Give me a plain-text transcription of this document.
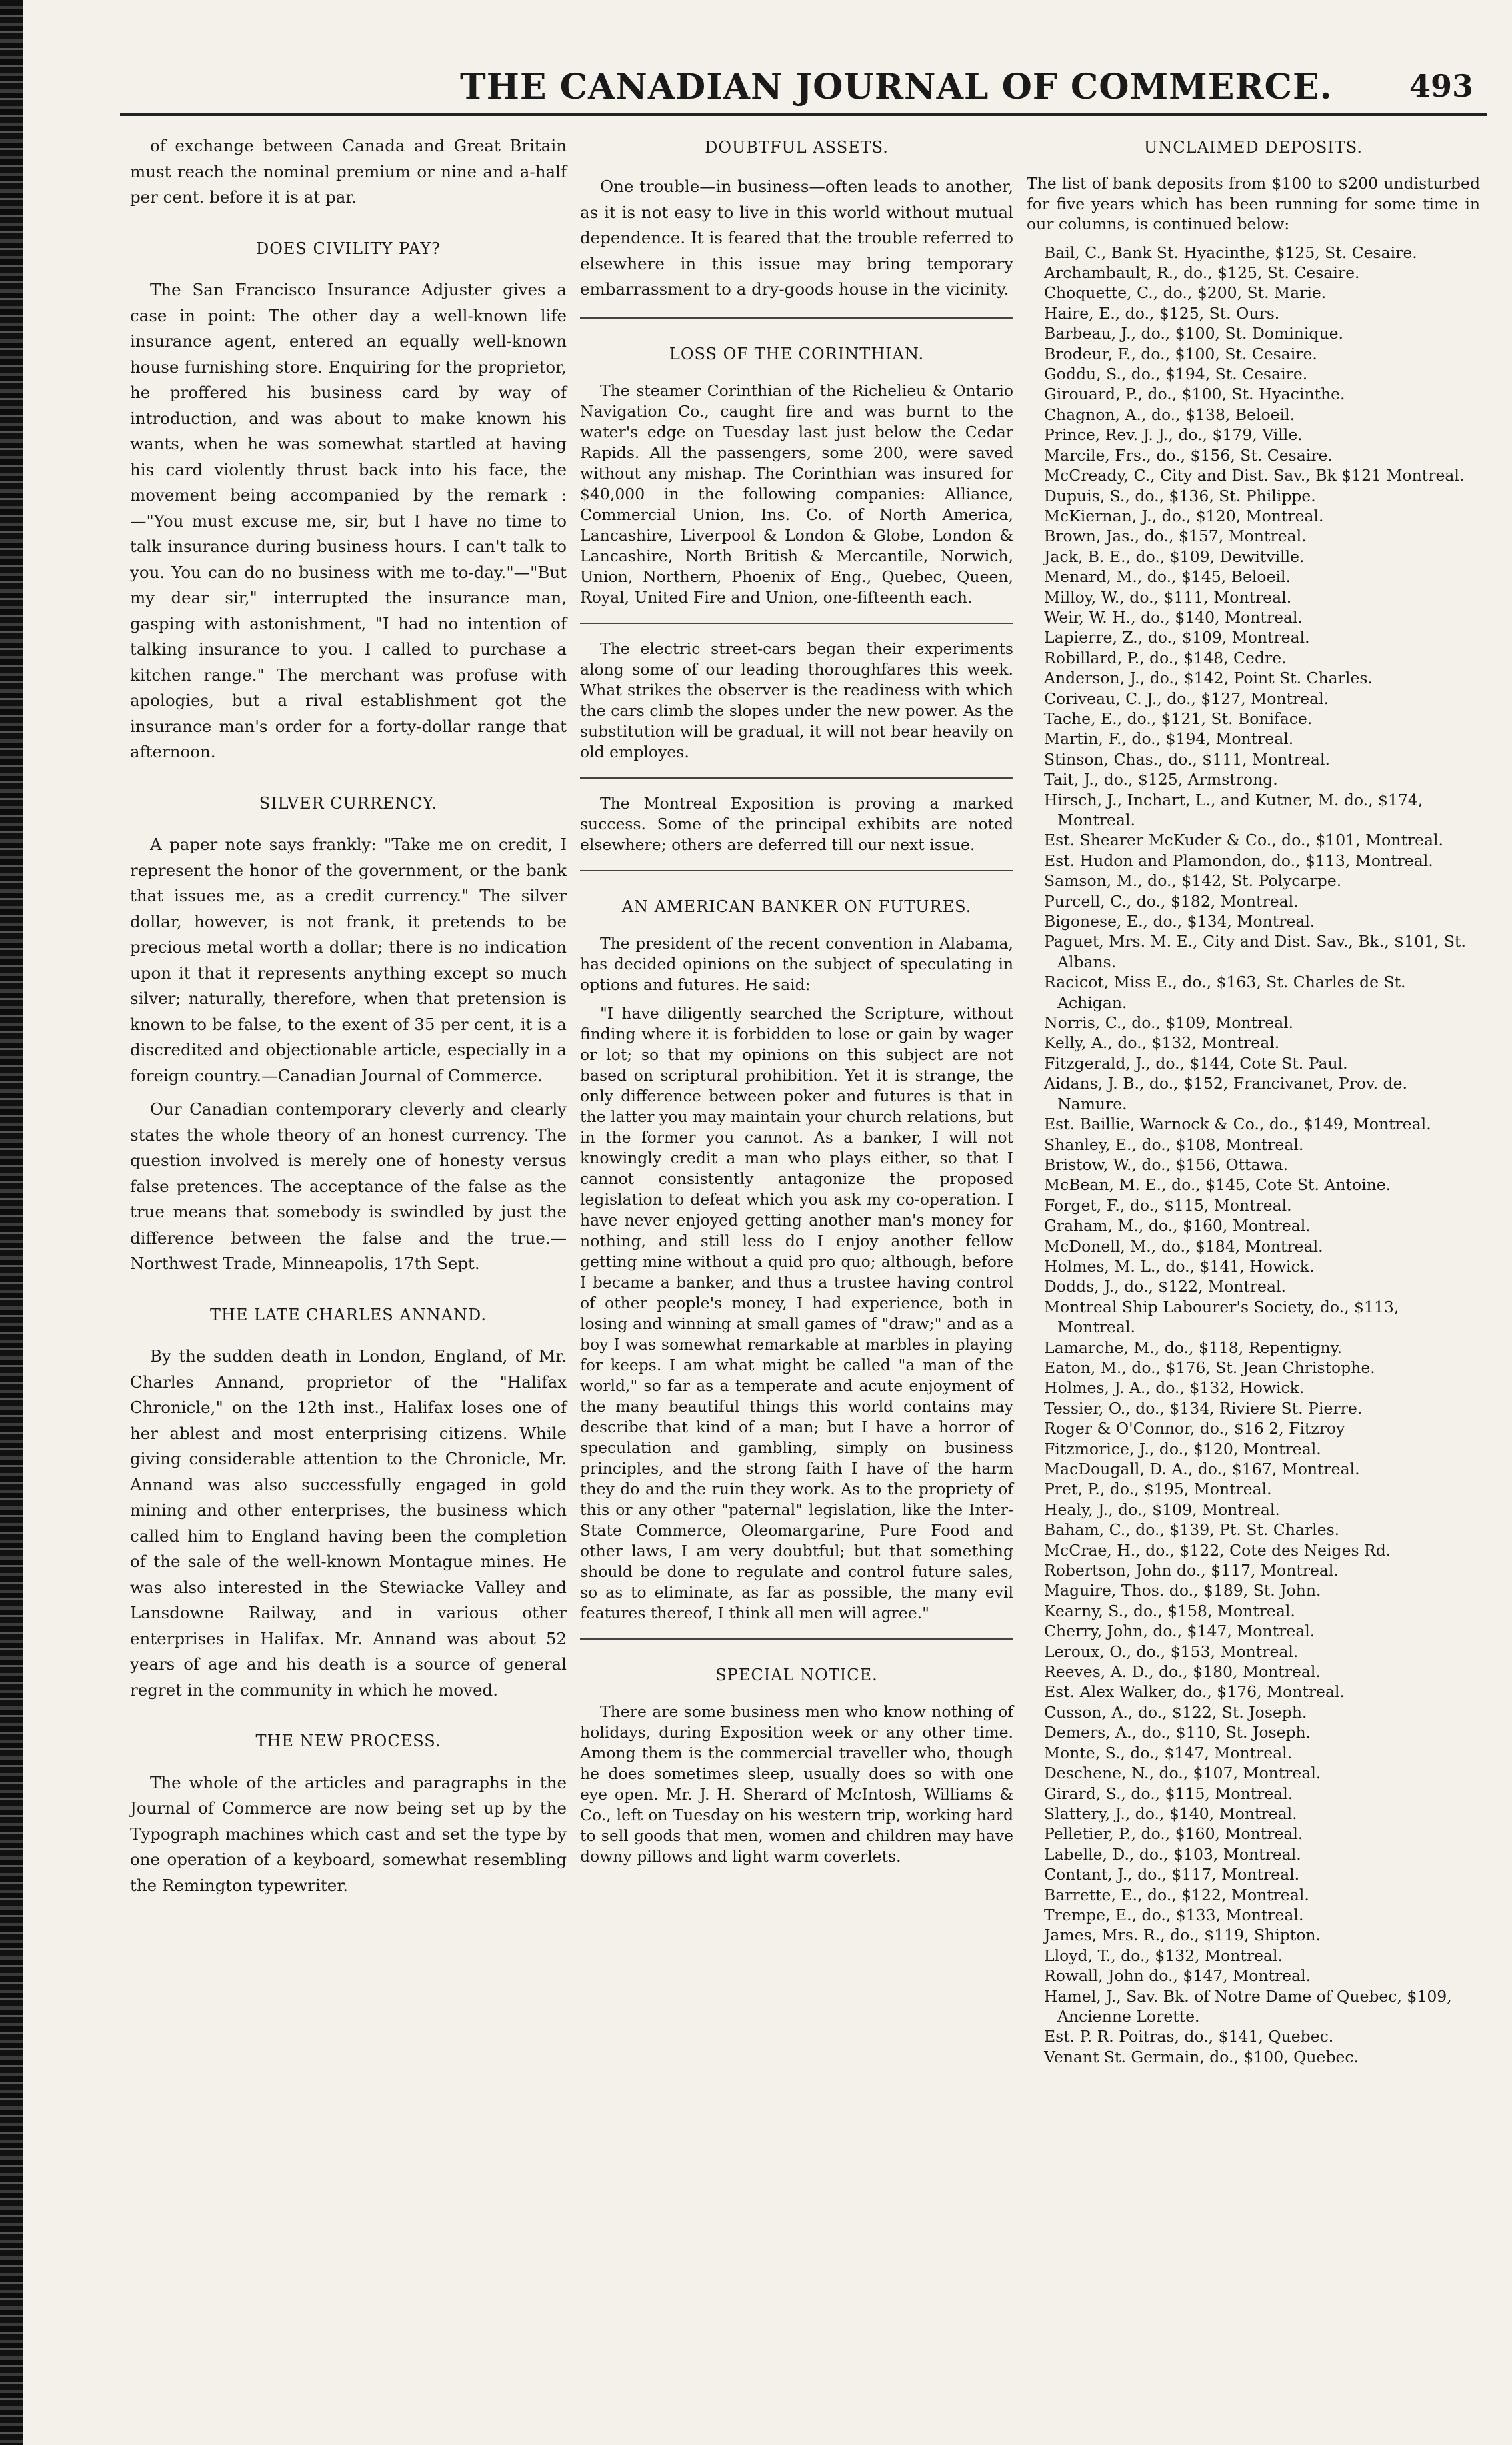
THE CANADIAN JOURNAL OF COMMERCE.	493

of exchange between Canada and Great Britain must reach the nominal premium or nine and a-half per cent. before it is at par.

DOES CIVILITY PAY?

The San Francisco Insurance Adjuster gives a case in point: The other day a well-known life insurance agent, entered an equally well-known house furnishing store. Enquiring for the proprietor, he proffered his business card by way of introduction, and was about to make known his wants, when he was somewhat startled at having his card violently thrust back into his face, the movement being accompanied by the remark :—"You must excuse me, sir, but I have no time to talk insurance during business hours. I can't talk to you. You can do no business with me to-day."—"But my dear sir," interrupted the insurance man, gasping with astonishment, "I had no intention of talking insurance to you. I called to purchase a kitchen range." The merchant was profuse with apologies, but a rival establishment got the insurance man's order for a forty-dollar range that afternoon.

SILVER CURRENCY.

A paper note says frankly: "Take me on credit, I represent the honor of the government, or the bank that issues me, as a credit currency." The silver dollar, however, is not frank, it pretends to be precious metal worth a dollar; there is no indication upon it that it represents anything except so much silver; naturally, therefore, when that pretension is known to be false, to the exent of 35 per cent, it is a discredited and objectionable article, especially in a foreign country.—Canadian Journal of Commerce.

Our Canadian contemporary cleverly and clearly states the whole theory of an honest currency. The question involved is merely one of honesty versus false pretences. The acceptance of the false as the true means that somebody is swindled by just the difference between the false and the true.—Northwest Trade, Minneapolis, 17th Sept.

THE LATE CHARLES ANNAND.

By the sudden death in London, England, of Mr. Charles Annand, proprietor of the "Halifax Chronicle," on the 12th inst., Halifax loses one of her ablest and most enterprising citizens. While giving considerable attention to the Chronicle, Mr. Annand was also successfully engaged in gold mining and other enterprises, the business which called him to England having been the completion of the sale of the well-known Montague mines. He was also interested in the Stewiacke Valley and Lansdowne Railway, and in various other enterprises in Halifax. Mr. Annand was about 52 years of age and his death is a source of general regret in the community in which he moved.

THE NEW PROCESS.

The whole of the articles and paragraphs in the Journal of Commerce are now being set up by the Typograph machines which cast and set the type by one operation of a keyboard, somewhat resembling the Remington typewriter.

DOUBTFUL ASSETS.

One trouble—in business—often leads to another, as it is not easy to live in this world without mutual dependence. It is feared that the trouble referred to elsewhere in this issue may bring temporary embarrassment to a dry-goods house in the vicinity.

LOSS OF THE CORINTHIAN.

The steamer Corinthian of the Richelieu & Ontario Navigation Co., caught fire and was burnt to the water's edge on Tuesday last just below the Cedar Rapids. All the passengers, some 200, were saved without any mishap. The Corinthian was insured for $40,000 in the following companies: Alliance, Commercial Union, Ins. Co. of North America, Lancashire, Liverpool & London & Globe, London & Lancashire, North British & Mercantile, Norwich, Union, Northern, Phoenix of Eng., Quebec, Queen, Royal, United Fire and Union, one-fifteenth each.

The electric street-cars began their experiments along some of our leading thoroughfares this week. What strikes the observer is the readiness with which the cars climb the slopes under the new power. As the substitution will be gradual, it will not bear heavily on old employes.

The Montreal Exposition is proving a marked success. Some of the principal exhibits are noted elsewhere; others are deferred till our next issue.

AN AMERICAN BANKER ON FUTURES.

The president of the recent convention in Alabama, has decided opinions on the subject of speculating in options and futures. He said:

"I have diligently searched the Scripture, without finding where it is forbidden to lose or gain by wager or lot; so that my opinions on this subject are not based on scriptural prohibition. Yet it is strange, the only difference between poker and futures is that in the latter you may maintain your church relations, but in the former you cannot. As a banker, I will not knowingly credit a man who plays either, so that I cannot consistently antagonize the proposed legislation to defeat which you ask my co-operation. I have never enjoyed getting another man's money for nothing, and still less do I enjoy another fellow getting mine without a quid pro quo; although, before I became a banker, and thus a trustee having control of other people's money, I had experience, both in losing and winning at small games of "draw;" and as a boy I was somewhat remarkable at marbles in playing for keeps. I am what might be called "a man of the world," so far as a temperate and acute enjoyment of the many beautiful things this world contains may describe that kind of a man; but I have a horror of speculation and gambling, simply on business principles, and the strong faith I have of the harm they do and the ruin they work. As to the propriety of this or any other "paternal" legislation, like the Inter-State Commerce, Oleomargarine, Pure Food and other laws, I am very doubtful; but that something should be done to regulate and control future sales, so as to eliminate, as far as possible, the many evil features thereof, I think all men will agree."

SPECIAL NOTICE.

There are some business men who know nothing of holidays, during Exposition week or any other time. Among them is the commercial traveller who, though he does sometimes sleep, usually does so with one eye open. Mr. J. H. Sherard of McIntosh, Williams & Co., left on Tuesday on his western trip, working hard to sell goods that men, women and children may have downy pillows and light warm coverlets.

UNCLAIMED DEPOSITS.

The list of bank deposits from $100 to $200 undisturbed for five years which has been running for some time in our columns, is continued below:

Bail, C., Bank St. Hyacinthe, $125, St. Cesaire.
Archambault, R., do., $125, St. Cesaire.
Choquette, C., do., $200, St. Marie.
Haire, E., do., $125, St. Ours.
Barbeau, J., do., $100, St. Dominique.
Brodeur, F., do., $100, St. Cesaire.
Goddu, S., do., $194, St. Cesaire.
Girouard, P., do., $100, St. Hyacinthe.
Chagnon, A., do., $138, Beloeil.
Prince, Rev. J. J., do., $179, Ville.
Marcile, Frs., do., $156, St. Cesaire.
McCready, C., City and Dist. Sav., Bk $121 Montreal.
Dupuis, S., do., $136, St. Philippe.
McKiernan, J., do., $120, Montreal.
Brown, Jas., do., $157, Montreal.
Jack, B. E., do., $109, Dewitville.
Menard, M., do., $145, Beloeil.
Milloy, W., do., $111, Montreal.
Weir, W. H., do., $140, Montreal.
Lapierre, Z., do., $109, Montreal.
Robillard, P., do., $148, Cedre.
Anderson, J., do., $142, Point St. Charles.
Coriveau, C. J., do., $127, Montreal.
Tache, E., do., $121, St. Boniface.
Martin, F., do., $194, Montreal.
Stinson, Chas., do., $111, Montreal.
Tait, J., do., $125, Armstrong.
Hirsch, J., Inchart, L., and Kutner, M. do., $174, Montreal.
Est. Shearer McKuder & Co., do., $101, Montreal.
Est. Hudon and Plamondon, do., $113, Montreal.
Samson, M., do., $142, St. Polycarpe.
Purcell, C., do., $182, Montreal.
Bigonese, E., do., $134, Montreal.
Paguet, Mrs. M. E., City and Dist. Sav., Bk., $101, St. Albans.
Racicot, Miss E., do., $163, St. Charles de St. Achigan.
Norris, C., do., $109, Montreal.
Kelly, A., do., $132, Montreal.
Fitzgerald, J., do., $144, Cote St. Paul.
Aidans, J. B., do., $152, Francivanet, Prov. de. Namure.
Est. Baillie, Warnock & Co., do., $149, Montreal.
Shanley, E., do., $108, Montreal.
Bristow, W., do., $156, Ottawa.
McBean, M. E., do., $145, Cote St. Antoine.
Forget, F., do., $115, Montreal.
Graham, M., do., $160, Montreal.
McDonell, M., do., $184, Montreal.
Holmes, M. L., do., $141, Howick.
Dodds, J., do., $122, Montreal.
Montreal Ship Labourer's Society, do., $113, Montreal.
Lamarche, M., do., $118, Repentigny.
Eaton, M., do., $176, St. Jean Christophe.
Holmes, J. A., do., $132, Howick.
Tessier, O., do., $134, Riviere St. Pierre.
Roger & O'Connor, do., $16 2, Fitzroy
Fitzmorice, J., do., $120, Montreal.
MacDougall, D. A., do., $167, Montreal.
Pret, P., do., $195, Montreal.
Healy, J., do., $109, Montreal.
Baham, C., do., $139, Pt. St. Charles.
McCrae, H., do., $122, Cote des Neiges Rd.
Robertson, John do., $117, Montreal.
Maguire, Thos. do., $189, St. John.
Kearny, S., do., $158, Montreal.
Cherry, John, do., $147, Montreal.
Leroux, O., do., $153, Montreal.
Reeves, A. D., do., $180, Montreal.
Est. Alex Walker, do., $176, Montreal.
Cusson, A., do., $122, St. Joseph.
Demers, A., do., $110, St. Joseph.
Monte, S., do., $147, Montreal.
Deschene, N., do., $107, Montreal.
Girard, S., do., $115, Montreal.
Slattery, J., do., $140, Montreal.
Pelletier, P., do., $160, Montreal.
Labelle, D., do., $103, Montreal.
Contant, J., do., $117, Montreal.
Barrette, E., do., $122, Montreal.
Trempe, E., do., $133, Montreal.
James, Mrs. R., do., $119, Shipton.
Lloyd, T., do., $132, Montreal.
Rowall, John do., $147, Montreal.
Hamel, J., Sav. Bk. of Notre Dame of Quebec, $109, Ancienne Lorette.
Est. P. R. Poitras, do., $141, Quebec.
Venant St. Germain, do., $100, Quebec.
